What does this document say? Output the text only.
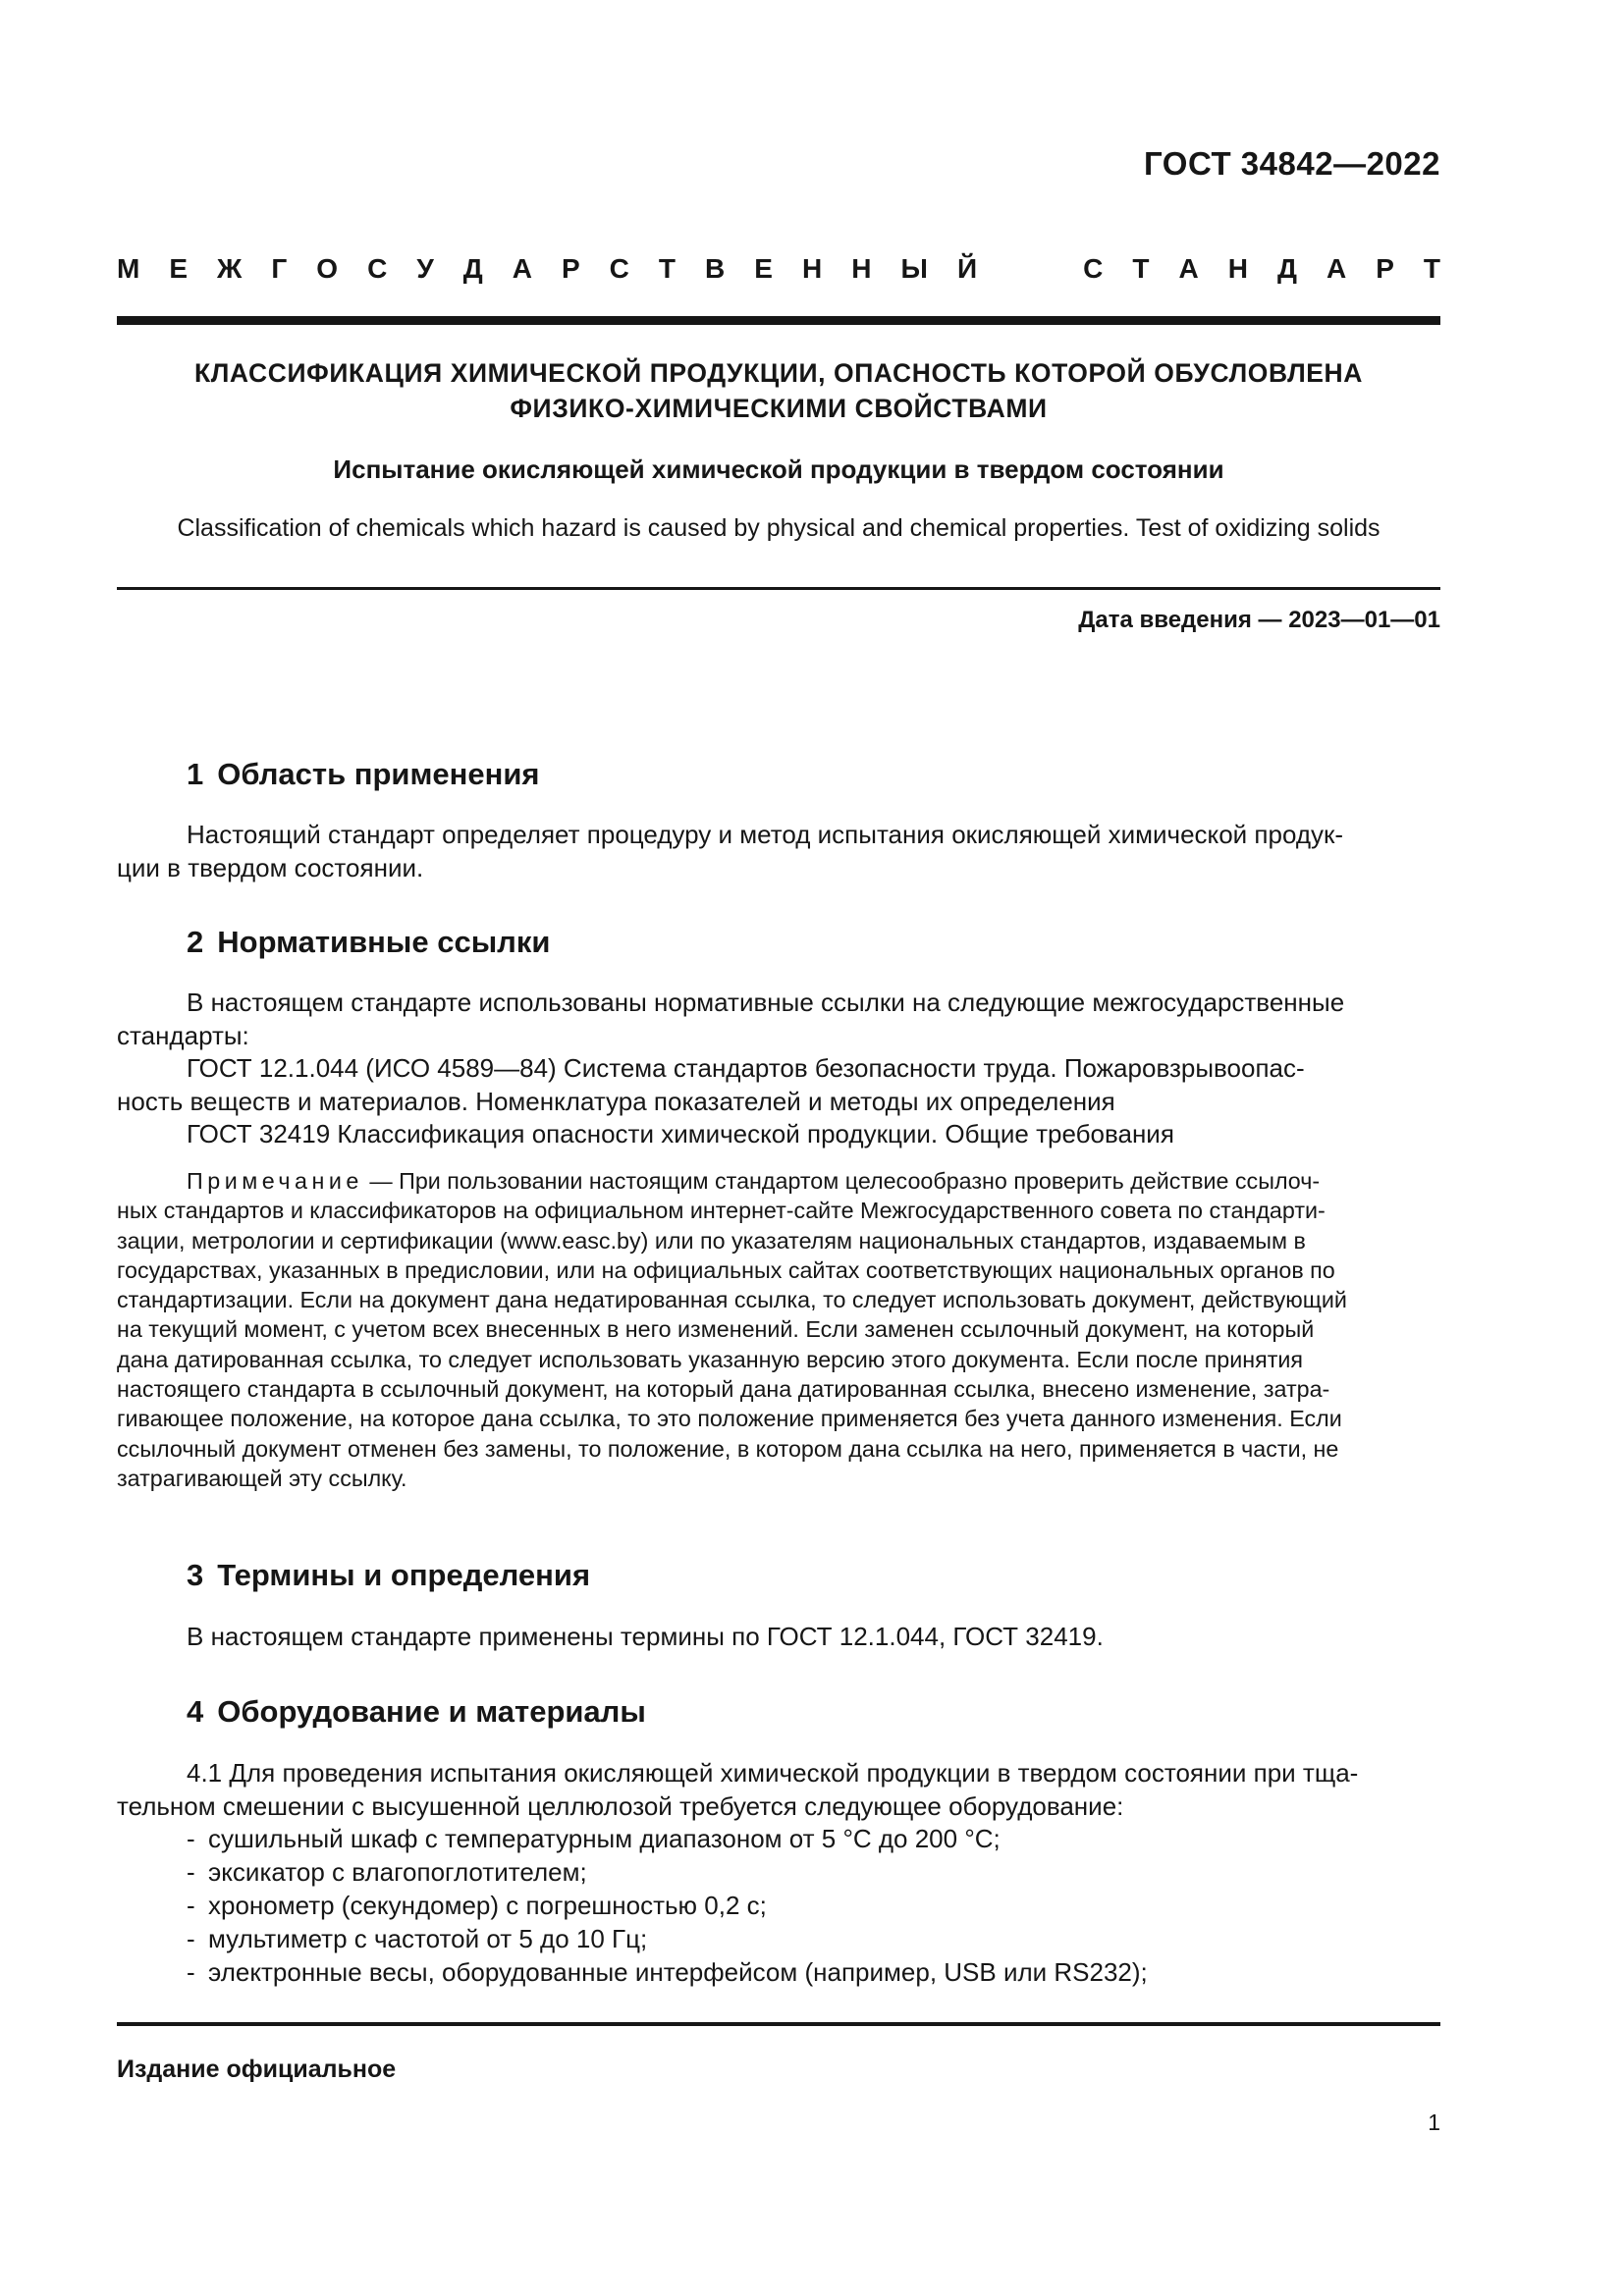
ГОСТ 34842—2022
М Е Ж Г О С У Д А Р С Т В Е Н Н Ы Й	С Т А Н Д А Р Т
КЛАССИФИКАЦИЯ ХИМИЧЕСКОЙ ПРОДУКЦИИ, ОПАСНОСТЬ КОТОРОЙ ОБУСЛОВЛЕНА
ФИЗИКО-ХИМИЧЕСКИМИ СВОЙСТВАМИ
Испытание окисляющей химической продукции в твердом состоянии
Classification of chemicals which hazard is caused by physical and chemical properties. Test of oxidizing solids
Дата введения — 2023—01—01
1 Область применения
Настоящий стандарт определяет процедуру и метод испытания окисляющей химической продук-
ции в твердом состоянии.
2 Нормативные ссылки
В настоящем стандарте использованы нормативные ссылки на следующие межгосударственные
стандарты:
ГОСТ 12.1.044 (ИСО 4589—84) Система стандартов безопасности труда. Пожаровзрывоопас-
ность веществ и материалов. Номенклатура показателей и методы их определения
ГОСТ 32419 Классификация опасности химической продукции. Общие требования
Примечание — При пользовании настоящим стандартом целесообразно проверить действие ссылоч-
ных стандартов и классификаторов на официальном интернет-сайте Межгосударственного совета по стандарти-
зации, метрологии и сертификации (www.easc.by) или по указателям национальных стандартов, издаваемым в
государствах, указанных в предисловии, или на официальных сайтах соответствующих национальных органов по
стандартизации. Если на документ дана недатированная ссылка, то следует использовать документ, действующий
на текущий момент, с учетом всех внесенных в него изменений. Если заменен ссылочный документ, на который
дана датированная ссылка, то следует использовать указанную версию этого документа. Если после принятия
настоящего стандарта в ссылочный документ, на который дана датированная ссылка, внесено изменение, затра-
гивающее положение, на которое дана ссылка, то это положение применяется без учета данного изменения. Если
ссылочный документ отменен без замены, то положение, в котором дана ссылка на него, применяется в части, не
затрагивающей эту ссылку.
3 Термины и определения
В настоящем стандарте применены термины по ГОСТ 12.1.044, ГОСТ 32419.
4 Оборудование и материалы
4.1 Для проведения испытания окисляющей химической продукции в твердом состоянии при тща-
тельном смешении с высушенной целлюлозой требуется следующее оборудование:
- сушильный шкаф с температурным диапазоном от 5 °С до 200 °С;
- эксикатор с влагопоглотителем;
- хронометр (секундомер) с погрешностью 0,2 с;
- мультиметр с частотой от 5 до 10 Гц;
- электронные весы, оборудованные интерфейсом (например, USB или RS232);
Издание официальное
1
